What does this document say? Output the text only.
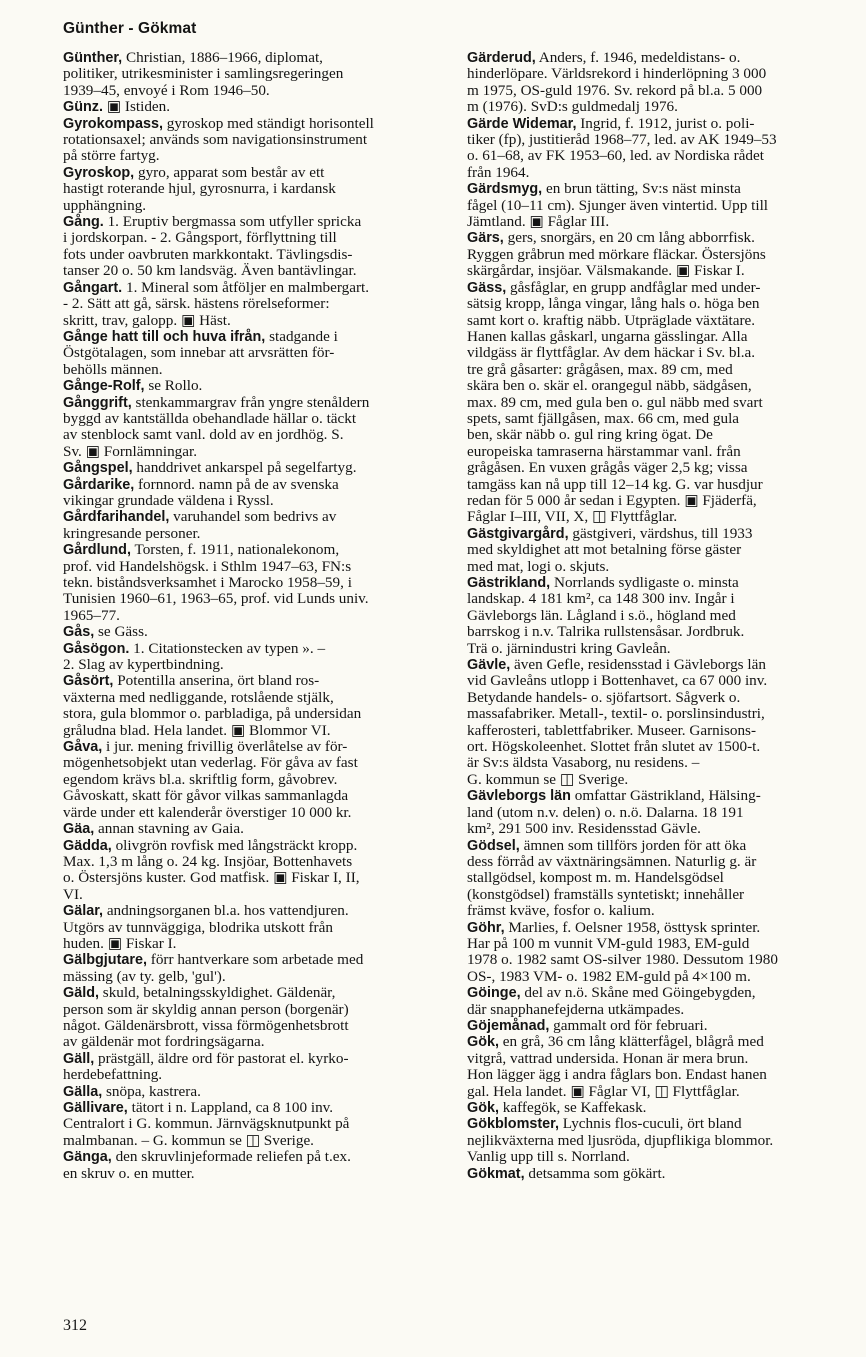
Günther - Gökmat

Günther, Christian, 1886–1966, diplomat,
politiker, utrikesminister i samlingsregeringen
1939–45, envoyé i Rom 1946–50.

Günz. ▣ Istiden.

Gyrokompass, gyroskop med ständigt horisontell
rotationsaxel; används som navigationsinstrument
på större fartyg.

Gyroskop, gyro, apparat som består av ett
hastigt roterande hjul, gyrosnurra, i kardansk
upphängning.

Gång. 1. Eruptiv bergmassa som utfyller spricka
i jordskorpan. - 2. Gångsport, förflyttning till
fots under oavbruten markkontakt. Tävlingsdis-
tanser 20 o. 50 km landsväg. Även bantävlingar.

Gångart. 1. Mineral som åtföljer en malmbergart.
- 2. Sätt att gå, särsk. hästens rörelseformer:
skritt, trav, galopp. ▣ Häst.

Gånge hatt till och huva ifrån, stadgande i
Östgötalagen, som innebar att arvsrätten för-
behölls männen.

Gånge-Rolf, se Rollo.

Gånggrift, stenkammargrav från yngre stenåldern
byggd av kantställda obehandlade hällar o. täckt
av stenblock samt vanl. dold av en jordhög. S.
Sv. ▣ Fornlämningar.

Gångspel, handdrivet ankarspel på segelfartyg.

Gårdarike, fornnord. namn på de av svenska
vikingar grundade väldena i Ryssl.

Gårdfarihandel, varuhandel som bedrivs av
kringresande personer.

Gårdlund, Torsten, f. 1911, nationalekonom,
prof. vid Handelshögsk. i Sthlm 1947–63, FN:s
tekn. biståndsverksamhet i Marocko 1958–59, i
Tunisien 1960–61, 1963–65, prof. vid Lunds univ.
1965–77.

Gås, se Gäss.

Gåsögon. 1. Citationstecken av typen ». –
2. Slag av kypertbindning.

Gåsört, Potentilla anserina, ört bland ros-
växterna med nedliggande, rotslående stjälk,
stora, gula blommor o. parbladiga, på undersidan
gråludna blad. Hela landet. ▣ Blommor VI.

Gåva, i jur. mening frivillig överlåtelse av för-
mögenhetsobjekt utan vederlag. För gåva av fast
egendom krävs bl.a. skriftlig form, gåvobrev.
Gåvoskatt, skatt för gåvor vilkas sammanlagda
värde under ett kalenderår överstiger 10 000 kr.

Gäa, annan stavning av Gaia.

Gädda, olivgrön rovfisk med långsträckt kropp.
Max. 1,3 m lång o. 24 kg. Insjöar, Bottenhavets
o. Östersjöns kuster. God matfisk. ▣ Fiskar I, II,
VI.

Gälar, andningsorganen bl.a. hos vattendjuren.
Utgörs av tunnväggiga, blodrika utskott från
huden. ▣ Fiskar I.

Gälbgjutare, förr hantverkare som arbetade med
mässing (av ty. gelb, 'gul').

Gäld, skuld, betalningsskyldighet. Gäldenär,
person som är skyldig annan person (borgenär)
något. Gäldenärsbrott, vissa förmögenhetsbrott
av gäldenär mot fordringsägarna.

Gäll, prästgäll, äldre ord för pastorat el. kyrko-
herdebefattning.

Gälla, snöpa, kastrera.

Gällivare, tätort i n. Lappland, ca 8 100 inv.
Centralort i G. kommun. Järnvägsknutpunkt på
malmbanan. – G. kommun se ◫ Sverige.

Gänga, den skruvlinjeformade reliefen på t.ex.
en skruv o. en mutter.

Gärderud, Anders, f. 1946, medeldistans- o.
hinderlöpare. Världsrekord i hinderlöpning 3 000
m 1975, OS-guld 1976. Sv. rekord på bl.a. 5 000
m (1976). SvD:s guldmedalj 1976.

Gärde Widemar, Ingrid, f. 1912, jurist o. poli-
tiker (fp), justitieråd 1968–77, led. av AK 1949–53
o. 61–68, av FK 1953–60, led. av Nordiska rådet
från 1964.

Gärdsmyg, en brun tätting, Sv:s näst minsta
fågel (10–11 cm). Sjunger även vintertid. Upp till
Jämtland. ▣ Fåglar III.

Gärs, gers, snorgärs, en 20 cm lång abborrfisk.
Ryggen gråbrun med mörkare fläckar. Östersjöns
skärgårdar, insjöar. Välsmakande. ▣ Fiskar I.

Gäss, gåsfåglar, en grupp andfåglar med under-
sätsig kropp, långa vingar, lång hals o. höga ben
samt kort o. kraftig näbb. Utpräglade växtätare.
Hanen kallas gåskarl, ungarna gässlingar. Alla
vildgäss är flyttfåglar. Av dem häckar i Sv. bl.a.
tre grå gåsarter: grågåsen, max. 89 cm, med
skära ben o. skär el. orangegul näbb, sädgåsen,
max. 89 cm, med gula ben o. gul näbb med svart
spets, samt fjällgåsen, max. 66 cm, med gula
ben, skär näbb o. gul ring kring ögat. De
europeiska tamraserna härstammar vanl. från
grågåsen. En vuxen grågås väger 2,5 kg; vissa
tamgäss kan nå upp till 12–14 kg. G. var husdjur
redan för 5 000 år sedan i Egypten. ▣ Fjäderfä,
Fåglar I–III, VII, X, ◫ Flyttfåglar.

Gästgivargård, gästgiveri, värdshus, till 1933
med skyldighet att mot betalning förse gäster
med mat, logi o. skjuts.

Gästrikland, Norrlands sydligaste o. minsta
landskap. 4 181 km², ca 148 300 inv. Ingår i
Gävleborgs län. Lågland i s.ö., högland med
barrskog i n.v. Talrika rullstensåsar. Jordbruk.
Trä o. järnindustri kring Gavleån.

Gävle, även Gefle, residensstad i Gävleborgs län
vid Gavleåns utlopp i Bottenhavet, ca 67 000 inv.
Betydande handels- o. sjöfartsort. Sågverk o.
massafabriker. Metall-, textil- o. porslinsindustri,
kafferosteri, tablettfabriker. Museer. Garnisons-
ort. Högskoleenhet. Slottet från slutet av 1500-t.
är Sv:s äldsta Vasaborg, nu residens. –
G. kommun se ◫ Sverige.

Gävleborgs län omfattar Gästrikland, Hälsing-
land (utom n.v. delen) o. n.ö. Dalarna. 18 191
km², 291 500 inv. Residensstad Gävle.

Gödsel, ämnen som tillförs jorden för att öka
dess förråd av växtnäringsämnen. Naturlig g. är
stallgödsel, kompost m. m. Handelsgödsel
(konstgödsel) framställs syntetiskt; innehåller
främst kväve, fosfor o. kalium.

Göhr, Marlies, f. Oelsner 1958, östtysk sprinter.
Har på 100 m vunnit VM-guld 1983, EM-guld
1978 o. 1982 samt OS-silver 1980. Dessutom 1980
OS-, 1983 VM- o. 1982 EM-guld på 4×100 m.

Göinge, del av n.ö. Skåne med Göingebygden,
där snapphanefejderna utkämpades.

Göjemånad, gammalt ord för februari.

Gök, en grå, 36 cm lång klätterfågel, blågrå med
vitgrå, vattrad undersida. Honan är mera brun.
Hon lägger ägg i andra fåglars bon. Endast hanen
gal. Hela landet. ▣ Fåglar VI, ◫ Flyttfåglar.

Gök, kaffegök, se Kaffekask.

Gökblomster, Lychnis flos-cuculi, ört bland
nejlikväxterna med ljusröda, djupflikiga blommor.
Vanlig upp till s. Norrland.

Gökmat, detsamma som gökärt.

312
